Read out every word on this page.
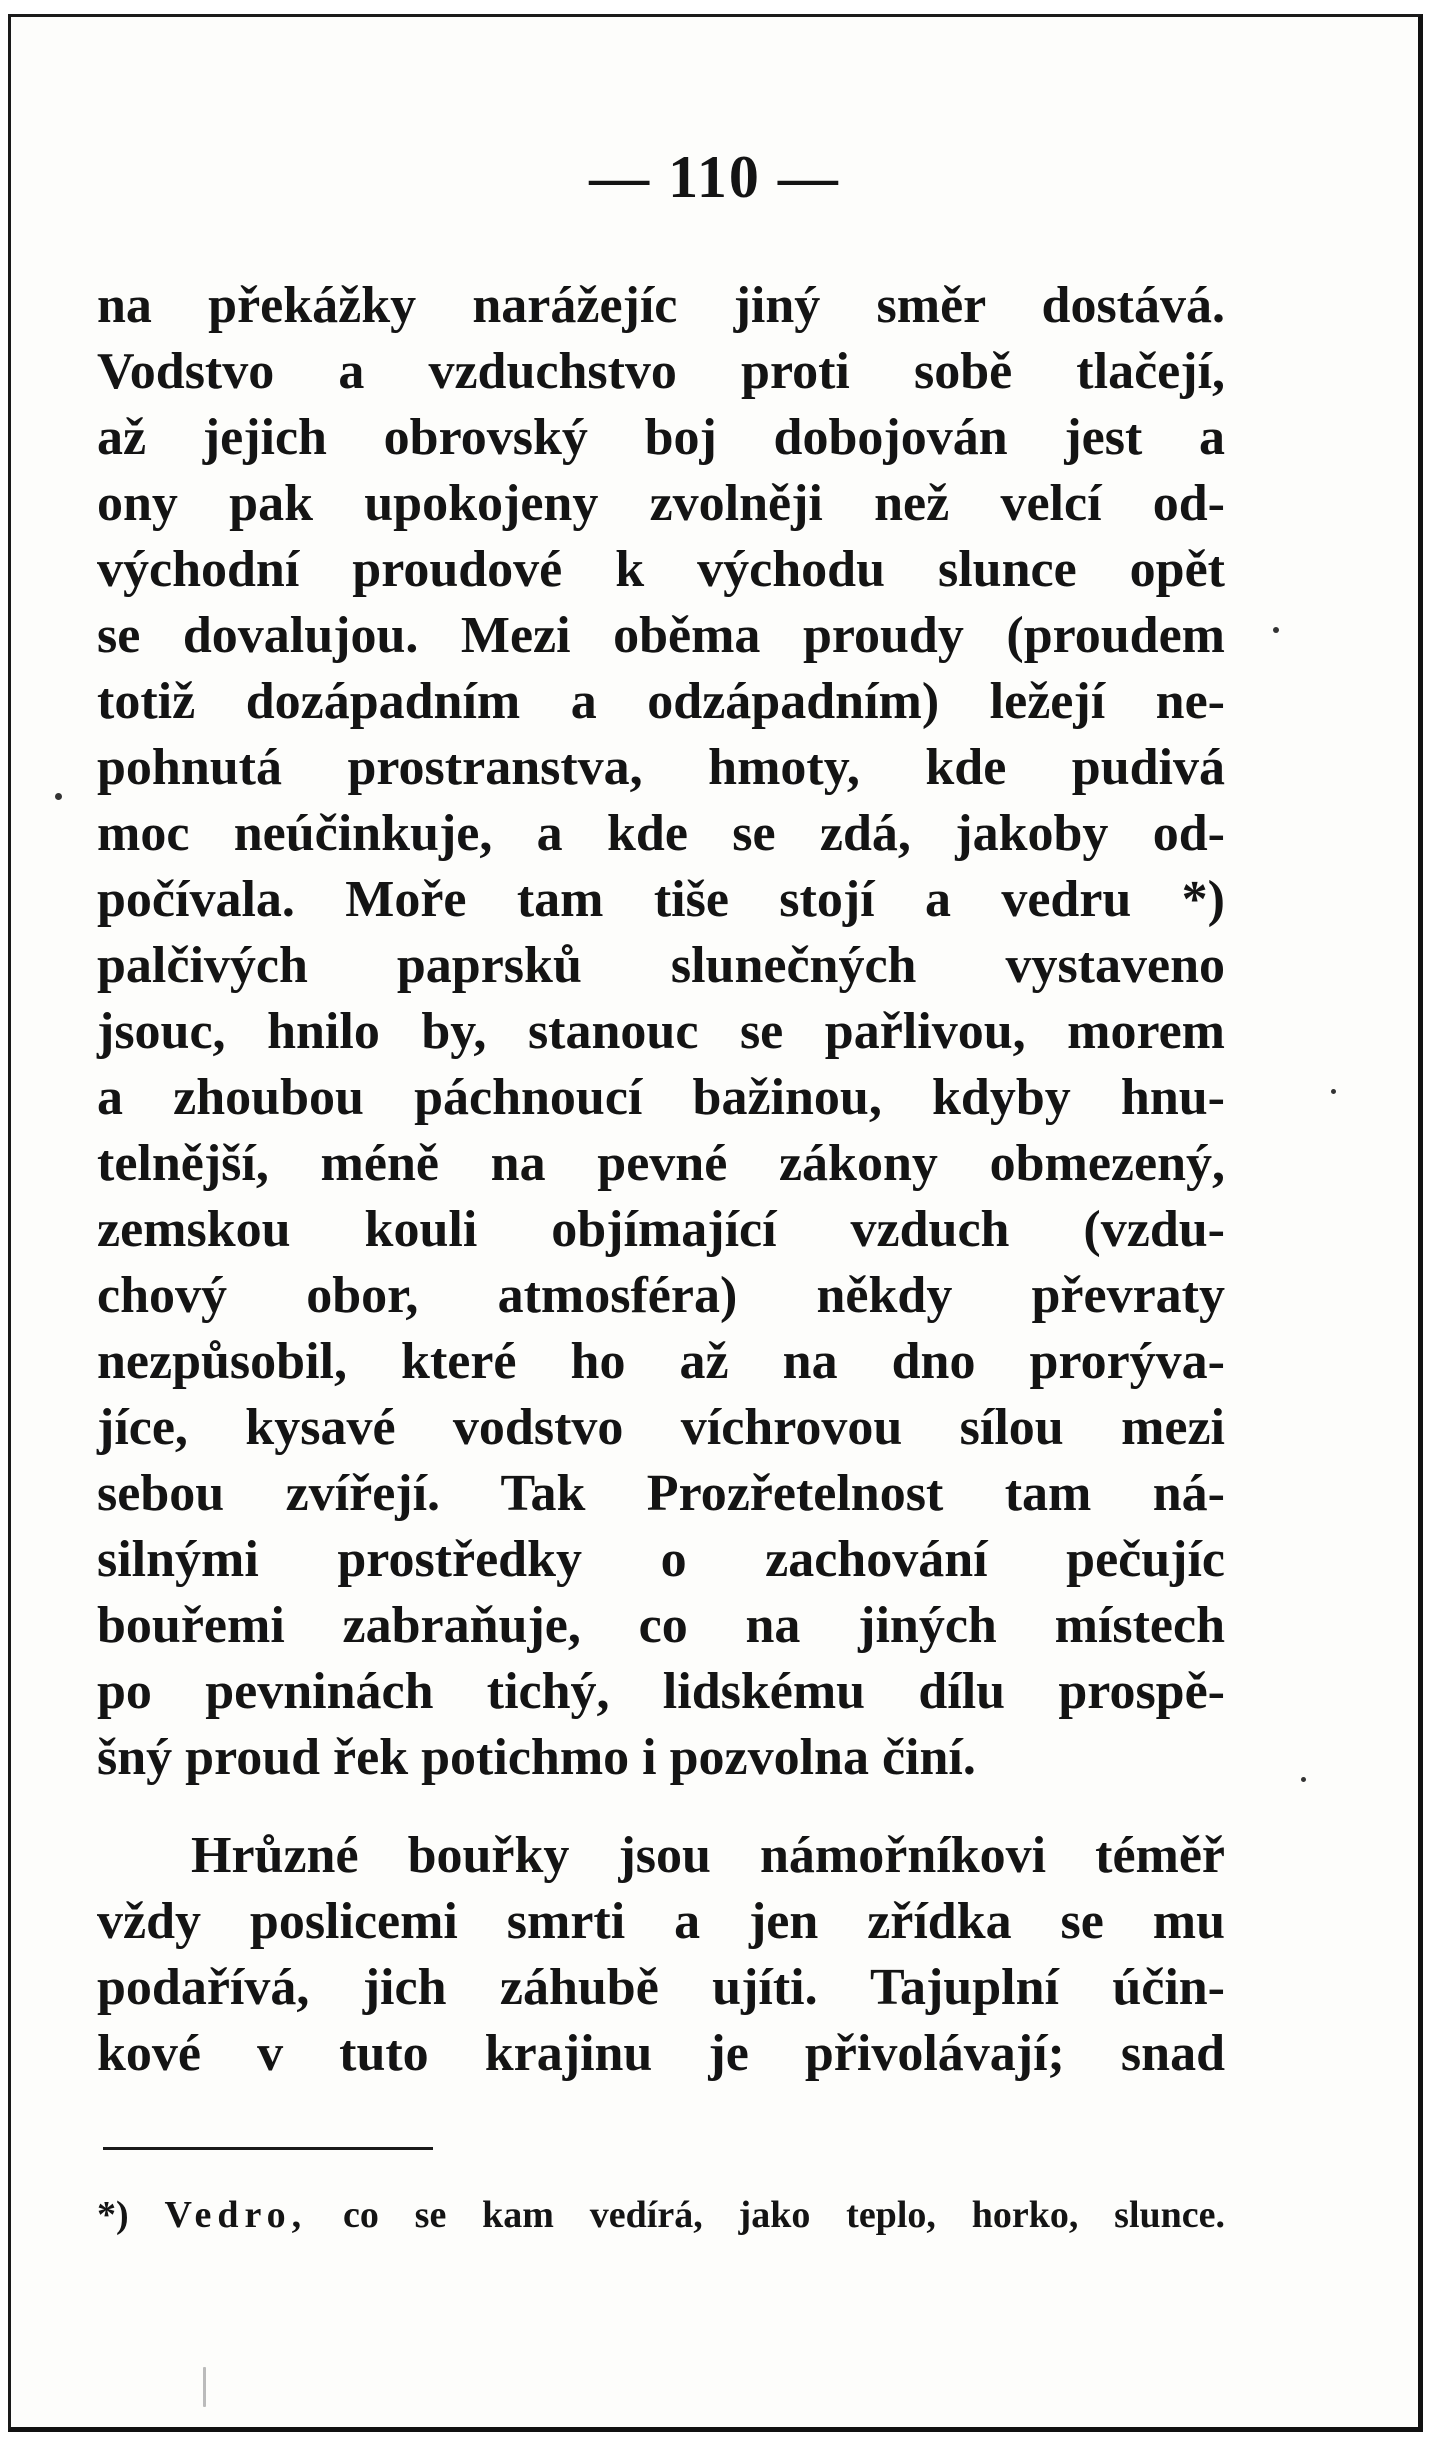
— 110 —
na překážky narážejíc jiný směr dostává.
Vodstvo a vzduchstvo proti sobě tlačejí,
až jejich obrovský boj dobojován jest a
ony pak upokojeny zvolněji než velcí od-
východní proudové k východu slunce opět
se dovalujou. Mezi oběma proudy (proudem
totiž dozápadním a odzápadním) ležejí ne-
pohnutá prostranstva, hmoty, kde pudivá
moc neúčinkuje, a kde se zdá, jakoby od-
počívala. Moře tam tiše stojí a vedru *)
palčivých paprsků slunečných vystaveno
jsouc, hnilo by, stanouc se pařlivou, morem
a zhoubou páchnoucí bažinou, kdyby hnu-
telnější, méně na pevné zákony obmezený,
zemskou kouli objímající vzduch (vzdu-
chový obor, atmosféra) někdy převraty
nezpůsobil, které ho až na dno prorýva-
jíce, kysavé vodstvo víchrovou sílou mezi
sebou zvířejí. Tak Prozřetelnost tam ná-
silnými prostředky o zachování pečujíc
bouřemi zabraňuje, co na jiných místech
po pevninách tichý, lidskému dílu prospě-
šný proud řek potichmo i pozvolna činí.
Hrůzné bouřky jsou námořníkovi téměř
vždy poslicemi smrti a jen zřídka se mu
podařívá, jich záhubě ujíti. Tajuplní účin-
kové v tuto krajinu je přivolávají; snad
*) Vedro, co se kam vedírá, jako teplo, horko, slunce.
